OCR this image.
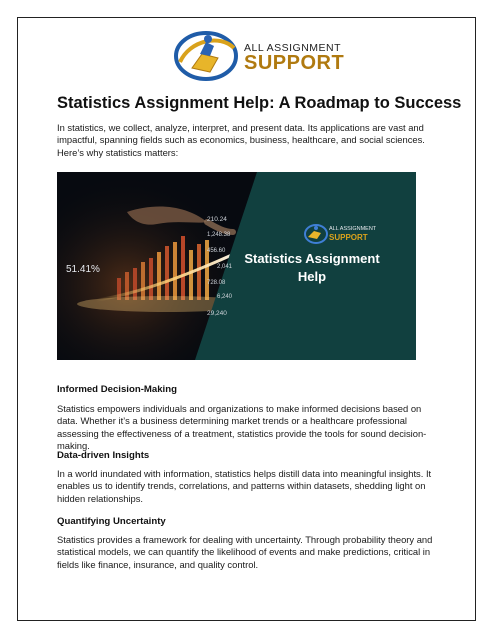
ALL ASSIGNMENT
SUPPORT
Statistics Assignment Help: A Roadmap to Success

In statistics, we collect, analyze, interpret, and present data. Its applications are vast and impactful, spanning fields such as economics, business, healthcare, and social sciences. Here’s why statistics matters:

51.41%
210.24
1,248.38
456.60
2,041
728.08
6,240
29,240
ALL ASSIGNMENT
SUPPORT
Statistics Assignment
Help
Informed Decision-Making

Statistics empowers individuals and organizations to make informed decisions based on data. Whether it’s a business determining market trends or a healthcare professional assessing the effectiveness of a treatment, statistics provide the tools for sound decision-making.

Data-driven Insights

In a world inundated with information, statistics helps distill data into meaningful insights. It enables us to identify trends, correlations, and patterns within datasets, shedding light on hidden relationships.

Quantifying Uncertainty

Statistics provides a framework for dealing with uncertainty. Through probability theory and statistical models, we can quantify the likelihood of events and make predictions, critical in fields like finance, insurance, and quality control.
